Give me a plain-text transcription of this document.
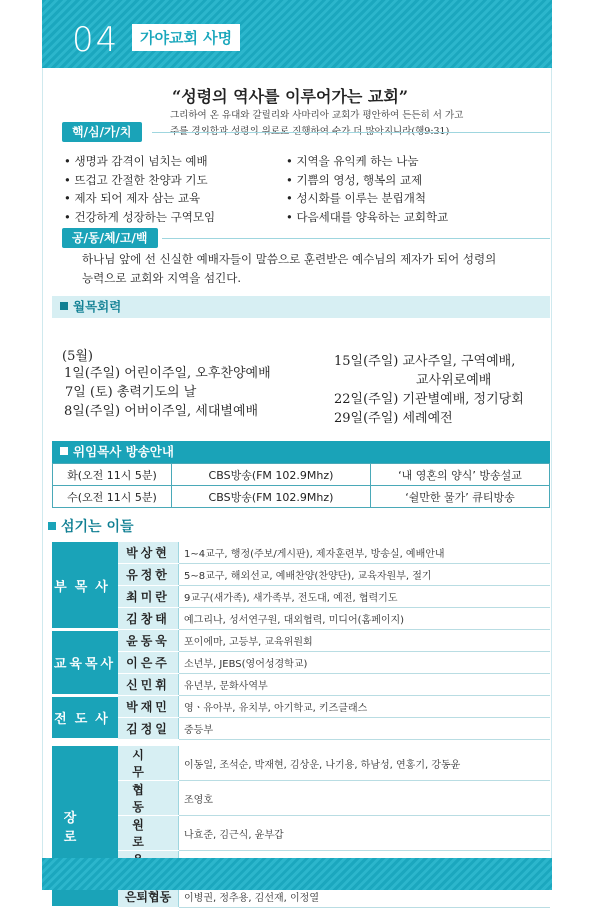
04	가야교회 사명
“성령의 역사를 이루어가는 교회”
그리하여 온 유대와 갈릴리와 사마리아 교회가 평안하여 든든히 서 가고
핵/심/가/치
• 생명과 감격이 넘치는 예배
• 뜨겁고 간절한 찬양과 기도
• 제자 되어 제자 삼는 교육
• 건강하게 성장하는 구역모임
• 지역을 유익케 하는 나눔
• 기쁨의 영성, 행복의 교제
• 성시화를 이루는 분립개척
• 다음세대를 양육하는 교회학교
공/동/체/고/백
하나님 앞에 선 신실한 예배자들이 말씀으로 훈련받은 예수님의 제자가 되어 성령의
능력으로 교회와 지역을 섬긴다.
월목회력
(5월)
1일(주일) 어린이주일, 오후찬양예배
7일 (토) 총력기도의 날
8일(주일) 어버이주일, 세대별예배
15일(주일) 교사주일, 구역예배,
교사위로예배
22일(주일) 기관별예배, 정기당회
29일(주일) 세례예전
위임목사 방송안내
화(오전 11시 5분)	CBS방송(FM 102.9Mhz)	‘내 영혼의 양식’ 방송설교
수(오전 11시 5분)	CBS방송(FM 102.9Mhz)	‘쉴만한 물가’ 큐티방송
섬기는 이들
부목사	박상현	1~4교구, 행정(주보/게시판), 제자훈련부, 방송실, 예배안내
	유정한	5~8교구, 해외선교, 예배찬양(찬양단), 교육자원부, 절기
	최미란	9교구(새가족), 새가족부, 전도대, 예전, 협력기도
	김창태	예그리나, 성서연구원, 대외협력, 미디어(홈페이지)
교육목사	윤동욱	포이에마, 고등부, 교육위원회
	이은주	소년부, JEBS(영어성경학교)
	신민휘	유년부, 문화사역부
전도사	박재민	영ㆍ유아부, 유치부, 아기학교, 키즈클래스
	김정일	중등부
장로	시무	이동일, 조석순, 박재현, 김상운, 나기용, 하남성, 연홍기, 강동윤
	협동	조영호
	원로	나효준, 김근식, 윤부갑

	은퇴협동	이병권, 정추용, 김선재, 이정열
